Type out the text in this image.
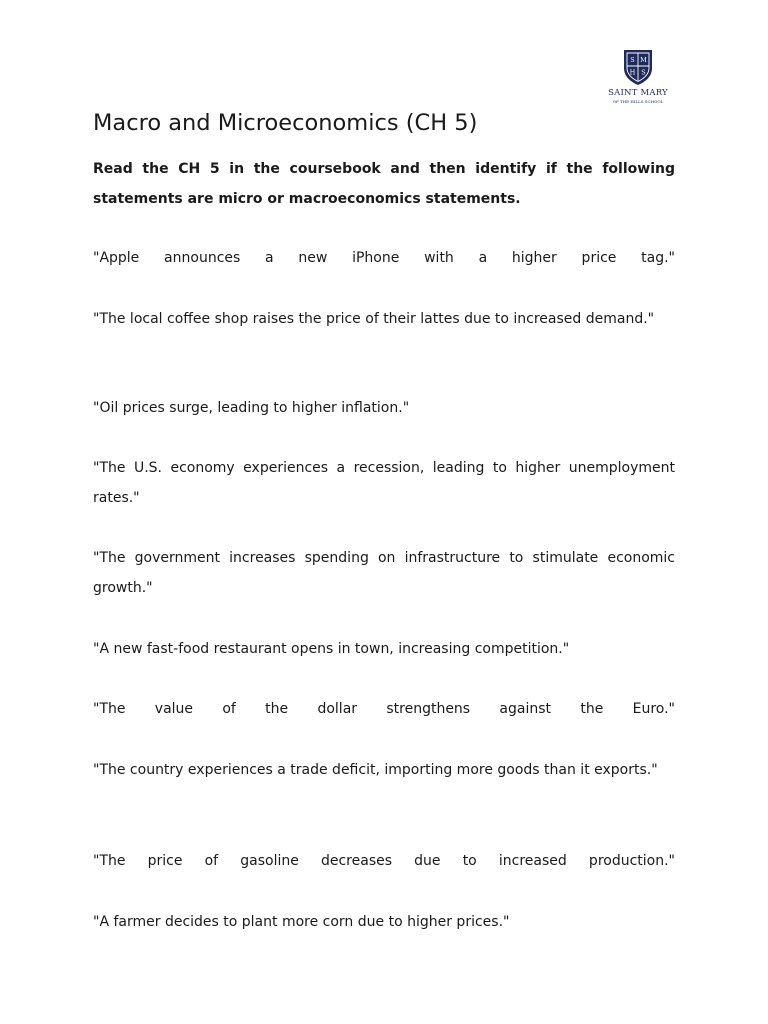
S M
H S
SAINT MARY
OF THE HILLS SCHOOL
Macro and Microeconomics (CH 5)

Read the CH 5 in the coursebook and then identify if the following statements are micro or macroeconomics statements.

"Apple announces a new iPhone with a higher price tag."

"The local coffee shop raises the price of their lattes due to increased demand."

"Oil prices surge, leading to higher inflation."

"The U.S. economy experiences a recession, leading to higher unemployment rates."

"The government increases spending on infrastructure to stimulate economic growth."

"A new fast-food restaurant opens in town, increasing competition."

"The value of the dollar strengthens against the Euro."

"The country experiences a trade deficit, importing more goods than it exports."

"The price of gasoline decreases due to increased production."

"A farmer decides to plant more corn due to higher prices."
